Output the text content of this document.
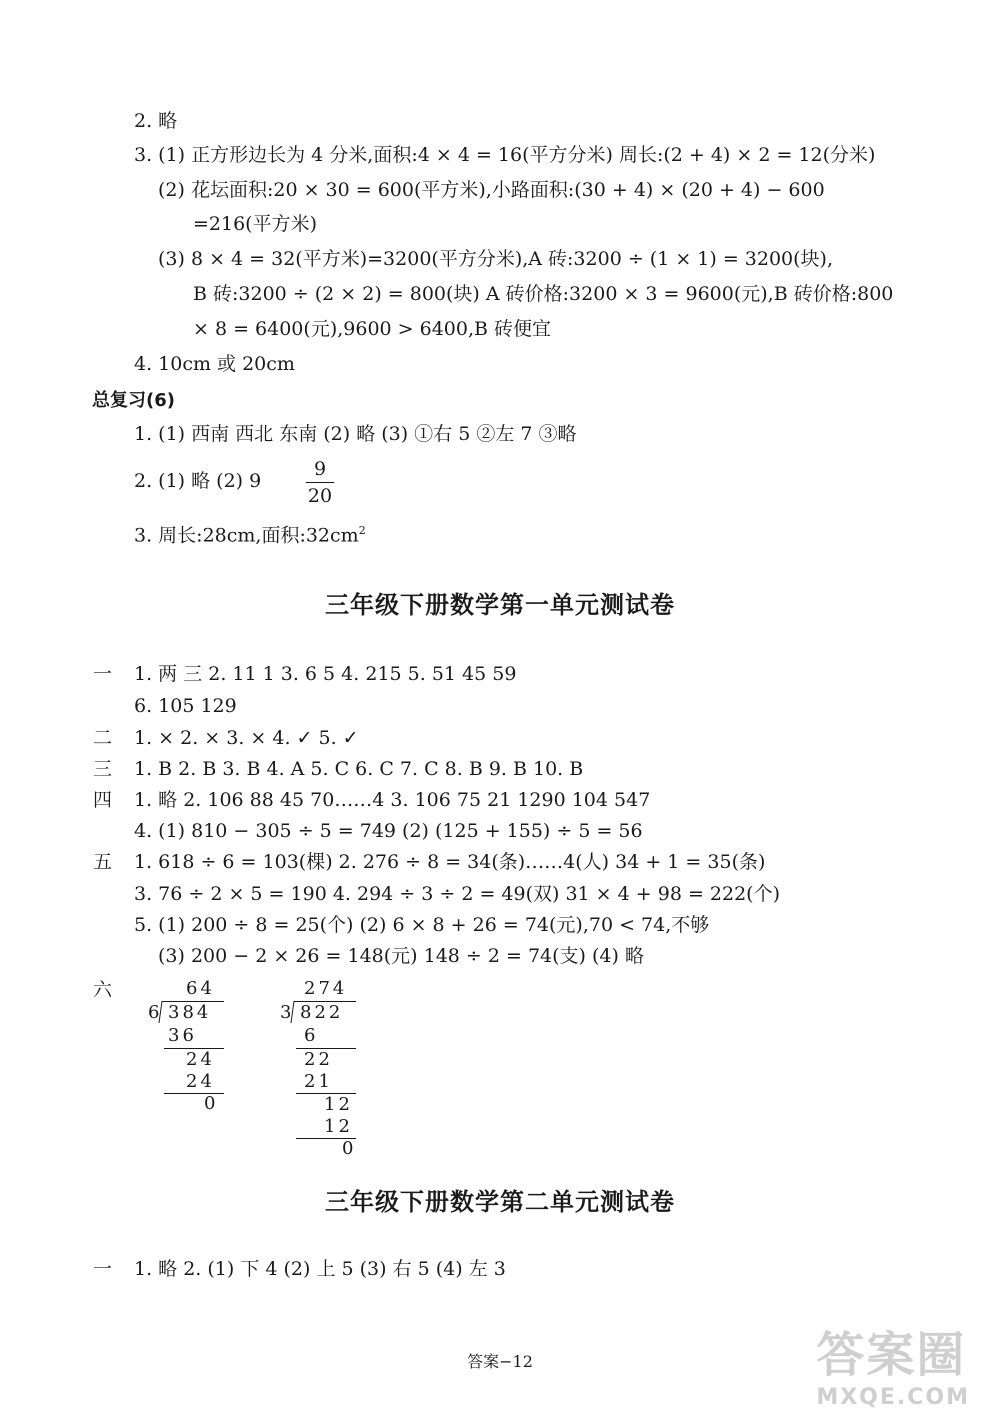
2. 略
3. (1) 正方形边长为 4 分米,面积:4 × 4 = 16(平方分米) 周长:(2 + 4) × 2 = 12(分米)
(2) 花坛面积:20 × 30 = 600(平方米),小路面积:(30 + 4) × (20 + 4) − 600
=216(平方米)
(3) 8 × 4 = 32(平方米)=3200(平方分米),A 砖:3200 ÷ (1 × 1) = 3200(块),
B 砖:3200 ÷ (2 × 2) = 800(块) A 砖价格:3200 × 3 = 9600(元),B 砖价格:800
× 8 = 6400(元),9600 > 6400,B 砖便宜
4. 10cm 或 20cm
总复习(6)
1. (1) 西南 西北 东南 (2) 略 (3) ①右 5 ②左 7 ③略
2. (1) 略 (2) 9
9
20
3. 周长:28cm,面积$:32cm^2$
三年级下册数学第一单元测试卷
一 1. 两 三 2. 11 1 3. 6 5 4. 215 5. 51 45 59
6. 105 129
二 1. × 2. × 3. × 4. ✓ 5. ✓
三 1. B 2. B 3. B 4. A 5. C 6. C 7. C 8. B 9. B 10. B
四 1. 略 2. 106 88 45 70……4 3. 106 75 21 1290 104 547
4. (1) 810 − 305 ÷ 5 = 749 (2) (125 + 155) ÷ 5 = 56
五 1. 618 ÷ 6 = 103(棵) 2. 276 ÷ 8 = 34(条)……4(人) 34 + 1 = 35(条)
3. 76 ÷ 2 × 5 = 190 4. 294 ÷ 3 ÷ 2 = 49(双) 31 × 4 + 98 = 222(个)
5. (1) 200 ÷ 8 = 25(个) (2) 6 × 8 + 26 = 74(元),70 < 74,不够
(3) 200 − 2 × 26 = 148(元) 148 ÷ 2 = 74(支) (4) 略
六	64
6 384
36
24
24
0
274
3 822
6
22
21
12
12
0
三年级下册数学第二单元测试卷
一 1. 略 2. (1) 下 4 (2) 上 5 (3) 右 5 (4) 左 3
答案−12	答案圈
MXQE.COM
